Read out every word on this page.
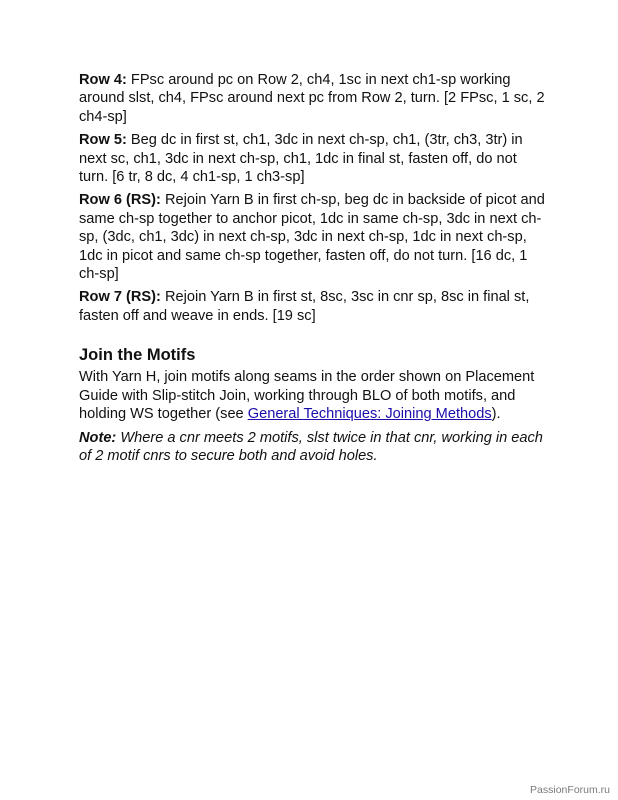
Row 4: FPsc around pc on Row 2, ch4, 1sc in next ch1-sp working around slst, ch4, FPsc around next pc from Row 2, turn. [2 FPsc, 1 sc, 2 ch4-sp]

Row 5: Beg dc in first st, ch1, 3dc in next ch-sp, ch1, (3tr, ch3, 3tr) in next sc, ch1, 3dc in next ch-sp, ch1, 1dc in final st, fasten off, do not turn. [6 tr, 8 dc, 4 ch1-sp, 1 ch3-sp]

Row 6 (RS): Rejoin Yarn B in first ch-sp, beg dc in backside of picot and same ch-sp together to anchor picot, 1dc in same ch-sp, 3dc in next ch-sp, (3dc, ch1, 3dc) in next ch-sp, 3dc in next ch-sp, 1dc in next ch-sp, 1dc in picot and same ch-sp together, fasten off, do not turn. [16 dc, 1 ch-sp]

Row 7 (RS): Rejoin Yarn B in first st, 8sc, 3sc in cnr sp, 8sc in final st, fasten off and weave in ends. [19 sc]

Join the Motifs

With Yarn H, join motifs along seams in the order shown on Placement Guide with Slip-stitch Join, working through BLO of both motifs, and holding WS together (see General Techniques: Joining Methods).

Note: Where a cnr meets 2 motifs, slst twice in that cnr, working in each of 2 motif cnrs to secure both and avoid holes.

PassionForum.ru
